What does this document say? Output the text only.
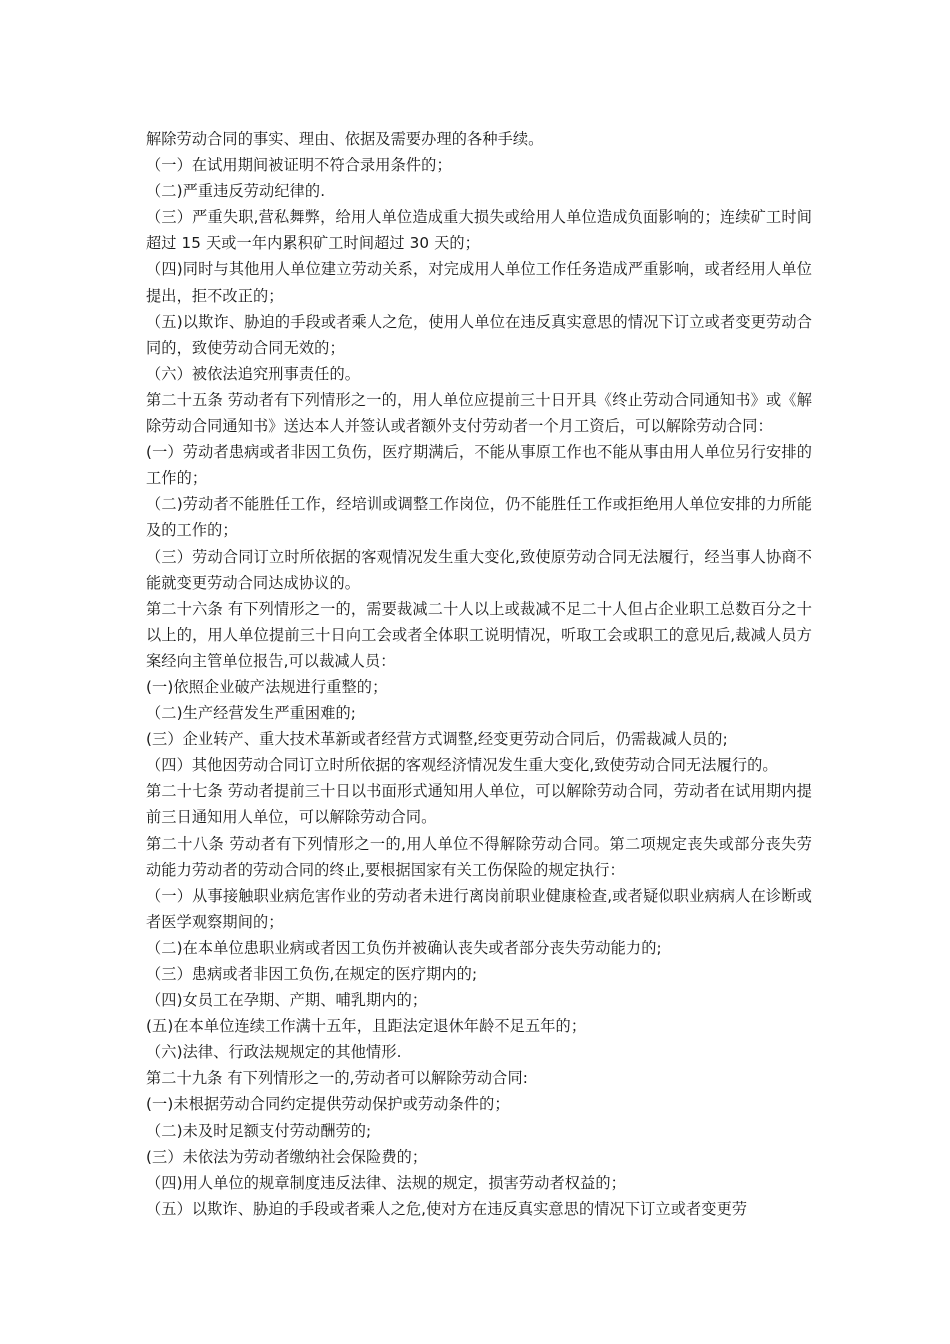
解除劳动合同的事实、理由、依据及需要办理的各种手续。

（一）在试用期间被证明不符合录用条件的；

（二)严重违反劳动纪律的.

（三）严重失职,营私舞弊，给用人单位造成重大损失或给用人单位造成负面影响的；连续矿工时间超过 15 天或一年内累积矿工时间超过 30 天的；

（四)同时与其他用人单位建立劳动关系，对完成用人单位工作任务造成严重影响，或者经用人单位提出，拒不改正的；

（五)以欺诈、胁迫的手段或者乘人之危，使用人单位在违反真实意思的情况下订立或者变更劳动合同的，致使劳动合同无效的；

（六）被依法追究刑事责任的。

第二十五条 劳动者有下列情形之一的，用人单位应提前三十日开具《终止劳动合同通知书》或《解除劳动合同通知书》送达本人并签认或者额外支付劳动者一个月工资后，可以解除劳动合同：

(一）劳动者患病或者非因工负伤，医疗期满后，不能从事原工作也不能从事由用人单位另行安排的工作的；

（二)劳动者不能胜任工作，经培训或调整工作岗位，仍不能胜任工作或拒绝用人单位安排的力所能及的工作的；

（三）劳动合同订立时所依据的客观情况发生重大变化,致使原劳动合同无法履行，经当事人协商不能就变更劳动合同达成协议的。

第二十六条 有下列情形之一的，需要裁减二十人以上或裁减不足二十人但占企业职工总数百分之十以上的，用人单位提前三十日向工会或者全体职工说明情况，听取工会或职工的意见后,裁减人员方案经向主管单位报告,可以裁减人员：

(一)依照企业破产法规进行重整的；

（二)生产经营发生严重困难的;

(三）企业转产、重大技术革新或者经营方式调整,经变更劳动合同后，仍需裁减人员的;

（四）其他因劳动合同订立时所依据的客观经济情况发生重大变化,致使劳动合同无法履行的。

第二十七条 劳动者提前三十日以书面形式通知用人单位，可以解除劳动合同，劳动者在试用期内提前三日通知用人单位，可以解除劳动合同。

第二十八条 劳动者有下列情形之一的,用人单位不得解除劳动合同。第二项规定丧失或部分丧失劳动能力劳动者的劳动合同的终止,要根据国家有关工伤保险的规定执行：

（一）从事接触职业病危害作业的劳动者未进行离岗前职业健康检查,或者疑似职业病病人在诊断或者医学观察期间的；

（二)在本单位患职业病或者因工负伤并被确认丧失或者部分丧失劳动能力的;

（三）患病或者非因工负伤,在规定的医疗期内的;

（四)女员工在孕期、产期、哺乳期内的；

(五)在本单位连续工作满十五年，且距法定退休年龄不足五年的；

（六)法律、行政法规规定的其他情形.

第二十九条 有下列情形之一的,劳动者可以解除劳动合同:

(一)未根据劳动合同约定提供劳动保护或劳动条件的；

（二)未及时足额支付劳动酬劳的;

(三）未依法为劳动者缴纳社会保险费的；

（四)用人单位的规章制度违反法律、法规的规定，损害劳动者权益的；

（五）以欺诈、胁迫的手段或者乘人之危,使对方在违反真实意思的情况下订立或者变更劳
